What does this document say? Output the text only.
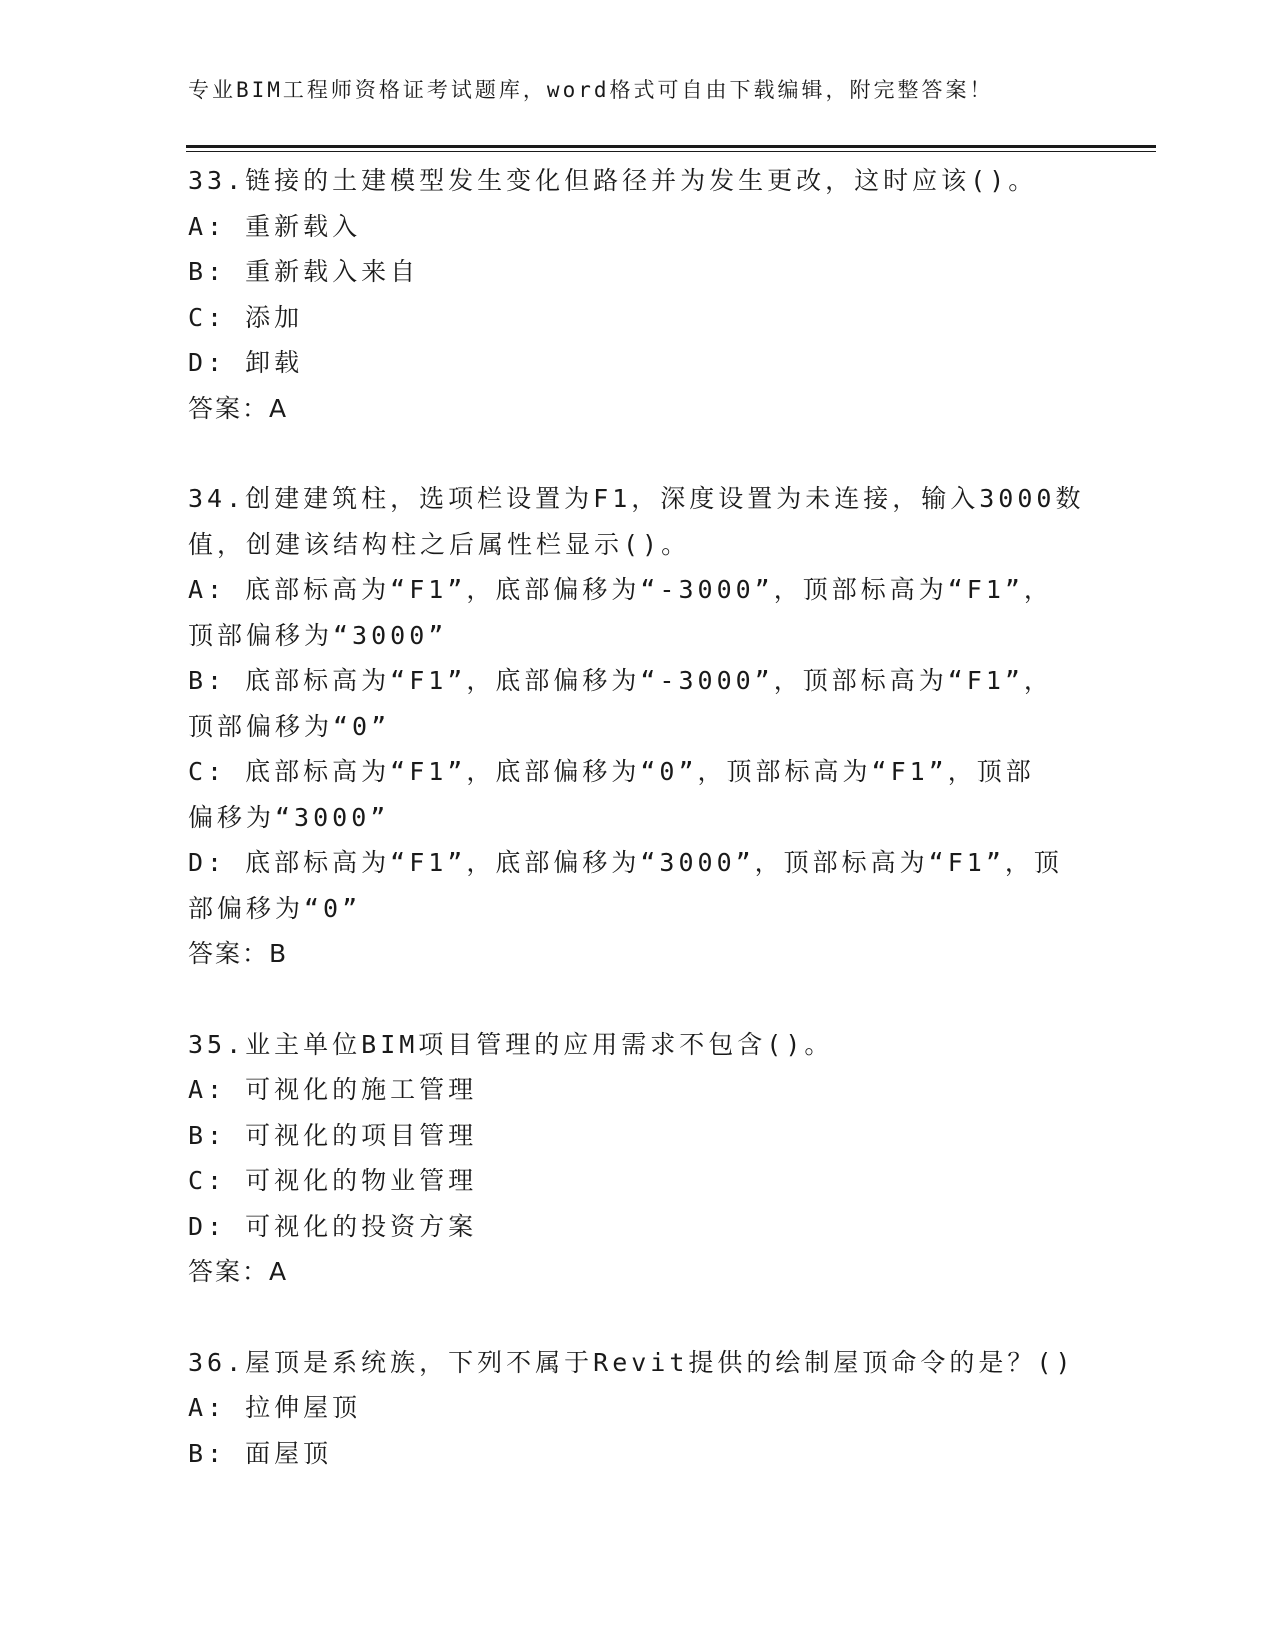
专业BIM工程师资格证考试题库，word格式可自由下载编辑，附完整答案！
33.链接的土建模型发生变化但路径并为发生更改，这时应该()。
A: 重新载入
B: 重新载入来自
C: 添加
D: 卸载
答案：A
34.创建建筑柱，选项栏设置为F1，深度设置为未连接，输入3000数
值，创建该结构柱之后属性栏显示()。
A: 底部标高为“F1”，底部偏移为“-3000”，顶部标高为“F1”，
顶部偏移为“3000”
B: 底部标高为“F1”，底部偏移为“-3000”，顶部标高为“F1”，
顶部偏移为“0”
C: 底部标高为“F1”，底部偏移为“0”，顶部标高为“F1”，顶部
偏移为“3000”
D: 底部标高为“F1”，底部偏移为“3000”，顶部标高为“F1”，顶
部偏移为“0”
答案：B
35.业主单位BIM项目管理的应用需求不包含()。
A: 可视化的施工管理
B: 可视化的项目管理
C: 可视化的物业管理
D: 可视化的投资方案
答案：A
36.屋顶是系统族，下列不属于Revit提供的绘制屋顶命令的是？()
A: 拉伸屋顶
B: 面屋顶
